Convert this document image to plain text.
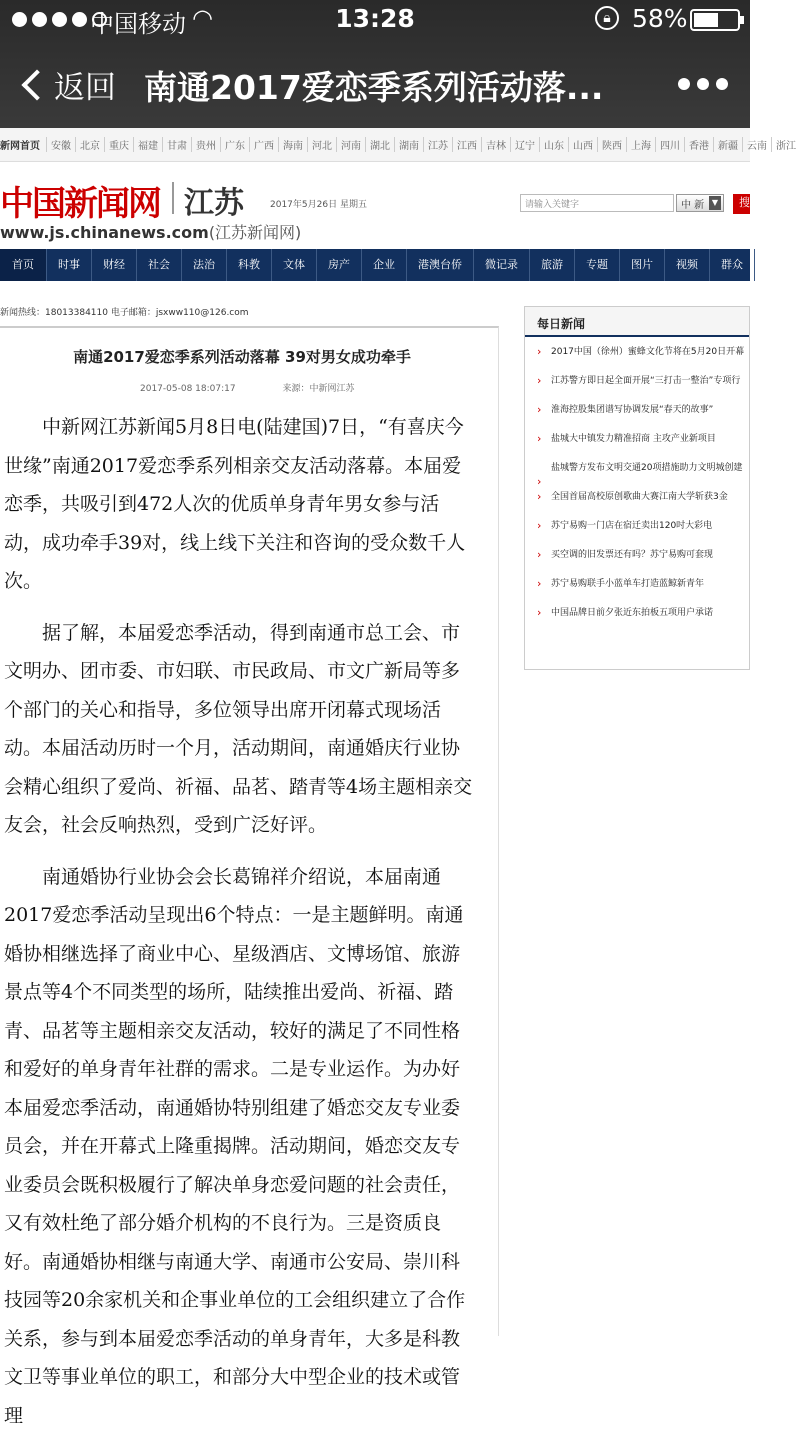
中国移动 ◠	13:28	🔒︎ 58%
返回 南通2017爱恋季系列活动落...
新网首页	安徽 北京 重庆 福建 甘肃 贵州 广东 广西 海南 河北 河南 湖北 湖南 江苏 江西 吉林 辽宁 山东 山西 陕西 上海 四川 香港 新疆 云南 浙江
中国新闻网 江苏
www.js.chinanews.com(江苏新闻网)
2017年5月26日 星期五	请输入关键字	中 新 ▼	搜
首页	时事	财经	社会	法治	科教	文体	房产	企业	港澳台侨	微记录	旅游	专题	图片	视频	群众
新闻热线：18013384110 电子邮箱：jsxww110@126.com
南通2017爱恋季系列活动落幕 39对男女成功牵手
2017-05-08 18:07:17	来源：中新网江苏

中新网江苏新闻5月8日电(陆建国)7日，“有喜庆今世缘”南通2017爱恋季系列相亲交友活动落幕。本届爱恋季，共吸引到472人次的优质单身青年男女参与活动，成功牵手39对，线上线下关注和咨询的受众数千人次。

据了解，本届爱恋季活动，得到南通市总工会、市文明办、团市委、市妇联、市民政局、市文广新局等多个部门的关心和指导，多位领导出席开闭幕式现场活动。本届活动历时一个月，活动期间，南通婚庆行业协会精心组织了爱尚、祈福、品茗、踏青等4场主题相亲交友会，社会反响热烈，受到广泛好评。

南通婚协行业协会会长葛锦祥介绍说，本届南通2017爱恋季活动呈现出6个特点：一是主题鲜明。南通婚协相继选择了商业中心、星级酒店、文博场馆、旅游景点等4个不同类型的场所，陆续推出爱尚、祈福、踏青、品茗等主题相亲交友活动，较好的满足了不同性格和爱好的单身青年社群的需求。二是专业运作。为办好本届爱恋季活动，南通婚协特别组建了婚恋交友专业委员会，并在开幕式上隆重揭牌。活动期间，婚恋交友专业委员会既积极履行了解决单身恋爱问题的社会责任，又有效杜绝了部分婚介机构的不良行为。三是资质良好。南通婚协相继与南通大学、南通市公安局、崇川科技园等20余家机关和企事业单位的工会组织建立了合作关系，参与到本届爱恋季活动的单身青年，大多是科教文卫等事业单位的职工，和部分大中型企业的技术或管理

每日新闻
› 2017中国（徐州）蜜蜂文化节将在5月20日开幕
› 江苏警方即日起全面开展“三打击一整治”专项行
› 淮海控股集团谱写协调发展“春天的故事”
› 盐城大中镇发力精准招商 主攻产业新项目
› 盐城警方发布文明交通20项措施助力文明城创建
› 全国首届高校原创歌曲大赛江南大学斩获3金
› 苏宁易购一门店在宿迁卖出120吋大彩电
› 买空调的旧发票还有吗？苏宁易购可套现
› 苏宁易购联手小蓝单车打造蓝鲸新青年
› 中国品牌日前夕张近东拍板五项用户承诺
